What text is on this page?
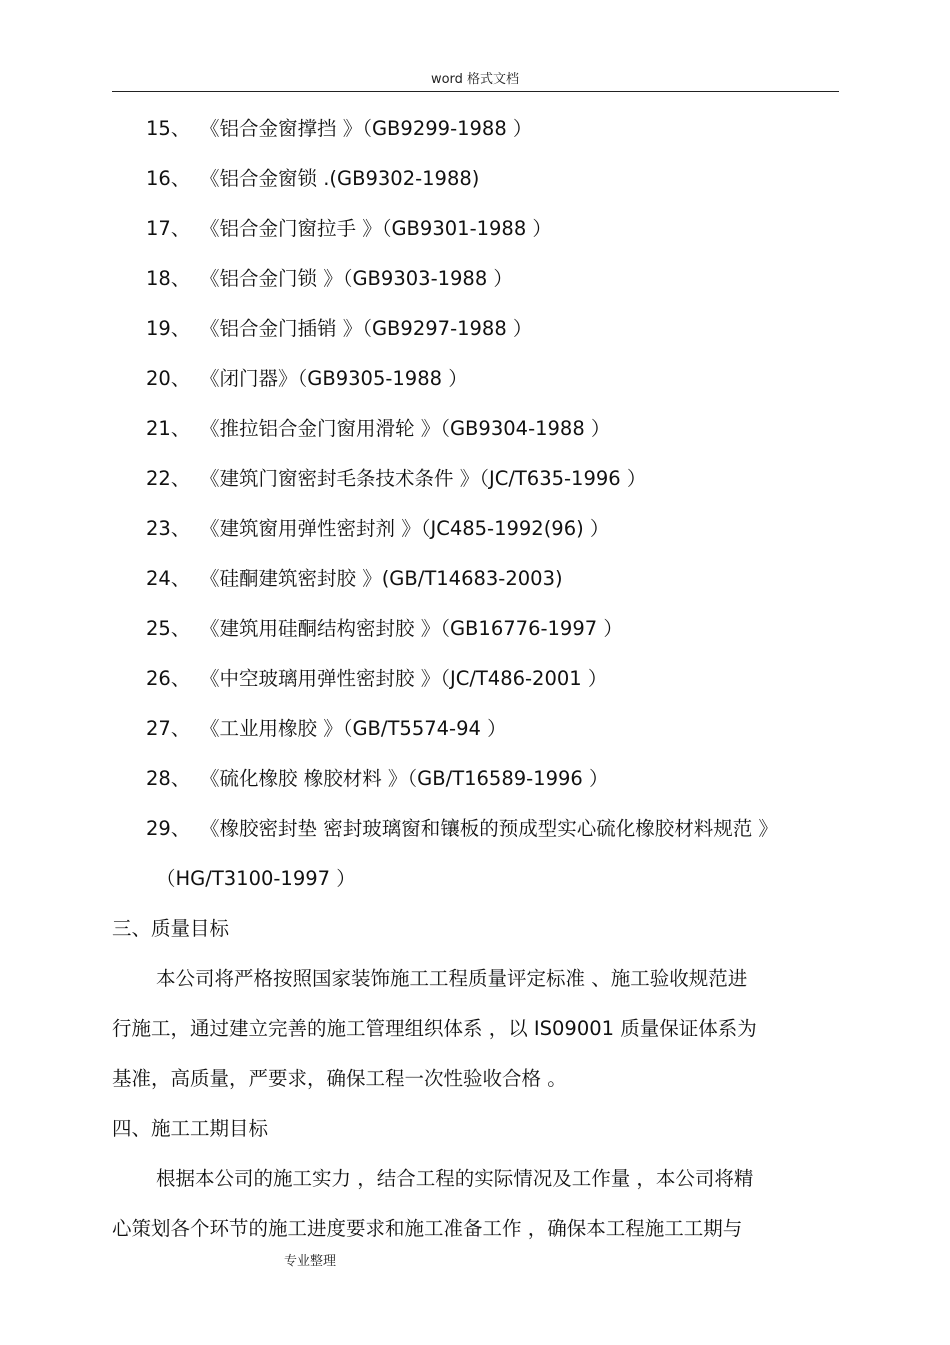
word 格式文档
15、 《铝合金窗撑挡 》（GB9299-1988 ）
16、 《铝合金窗锁 .(GB9302-1988)
17、 《铝合金门窗拉手 》（GB9301-1988 ）
18、 《铝合金门锁 》（GB9303-1988 ）
19、 《铝合金门插销 》（GB9297-1988 ）
20、 《闭门器》（GB9305-1988 ）
21、 《推拉铝合金门窗用滑轮 》（GB9304-1988 ）
22、 《建筑门窗密封毛条技术条件 》（JC/T635-1996 ）
23、 《建筑窗用弹性密封剂 》（JC485-1992(96) ）
24、 《硅酮建筑密封胶 》(GB/T14683-2003)
25、 《建筑用硅酮结构密封胶 》（GB16776-1997 ）
26、 《中空玻璃用弹性密封胶 》（JC/T486-2001 ）
27、 《工业用橡胶 》（GB/T5574-94 ）
28、 《硫化橡胶 橡胶材料 》（GB/T16589-1996 ）
29、 《橡胶密封垫 密封玻璃窗和镶板的预成型实心硫化橡胶材料规范 》
（HG/T3100-1997 ）
三、质量目标
本公司将严格按照国家装饰施工工程质量评定标准 、施工验收规范进
行施工，通过建立完善的施工管理组织体系 ，以 IS09001 质量保证体系为
基准，高质量，严要求，确保工程一次性验收合格 。
四、施工工期目标
根据本公司的施工实力 ，结合工程的实际情况及工作量 ，本公司将精
心策划各个环节的施工进度要求和施工准备工作 ，确保本工程施工工期与
专业整理
